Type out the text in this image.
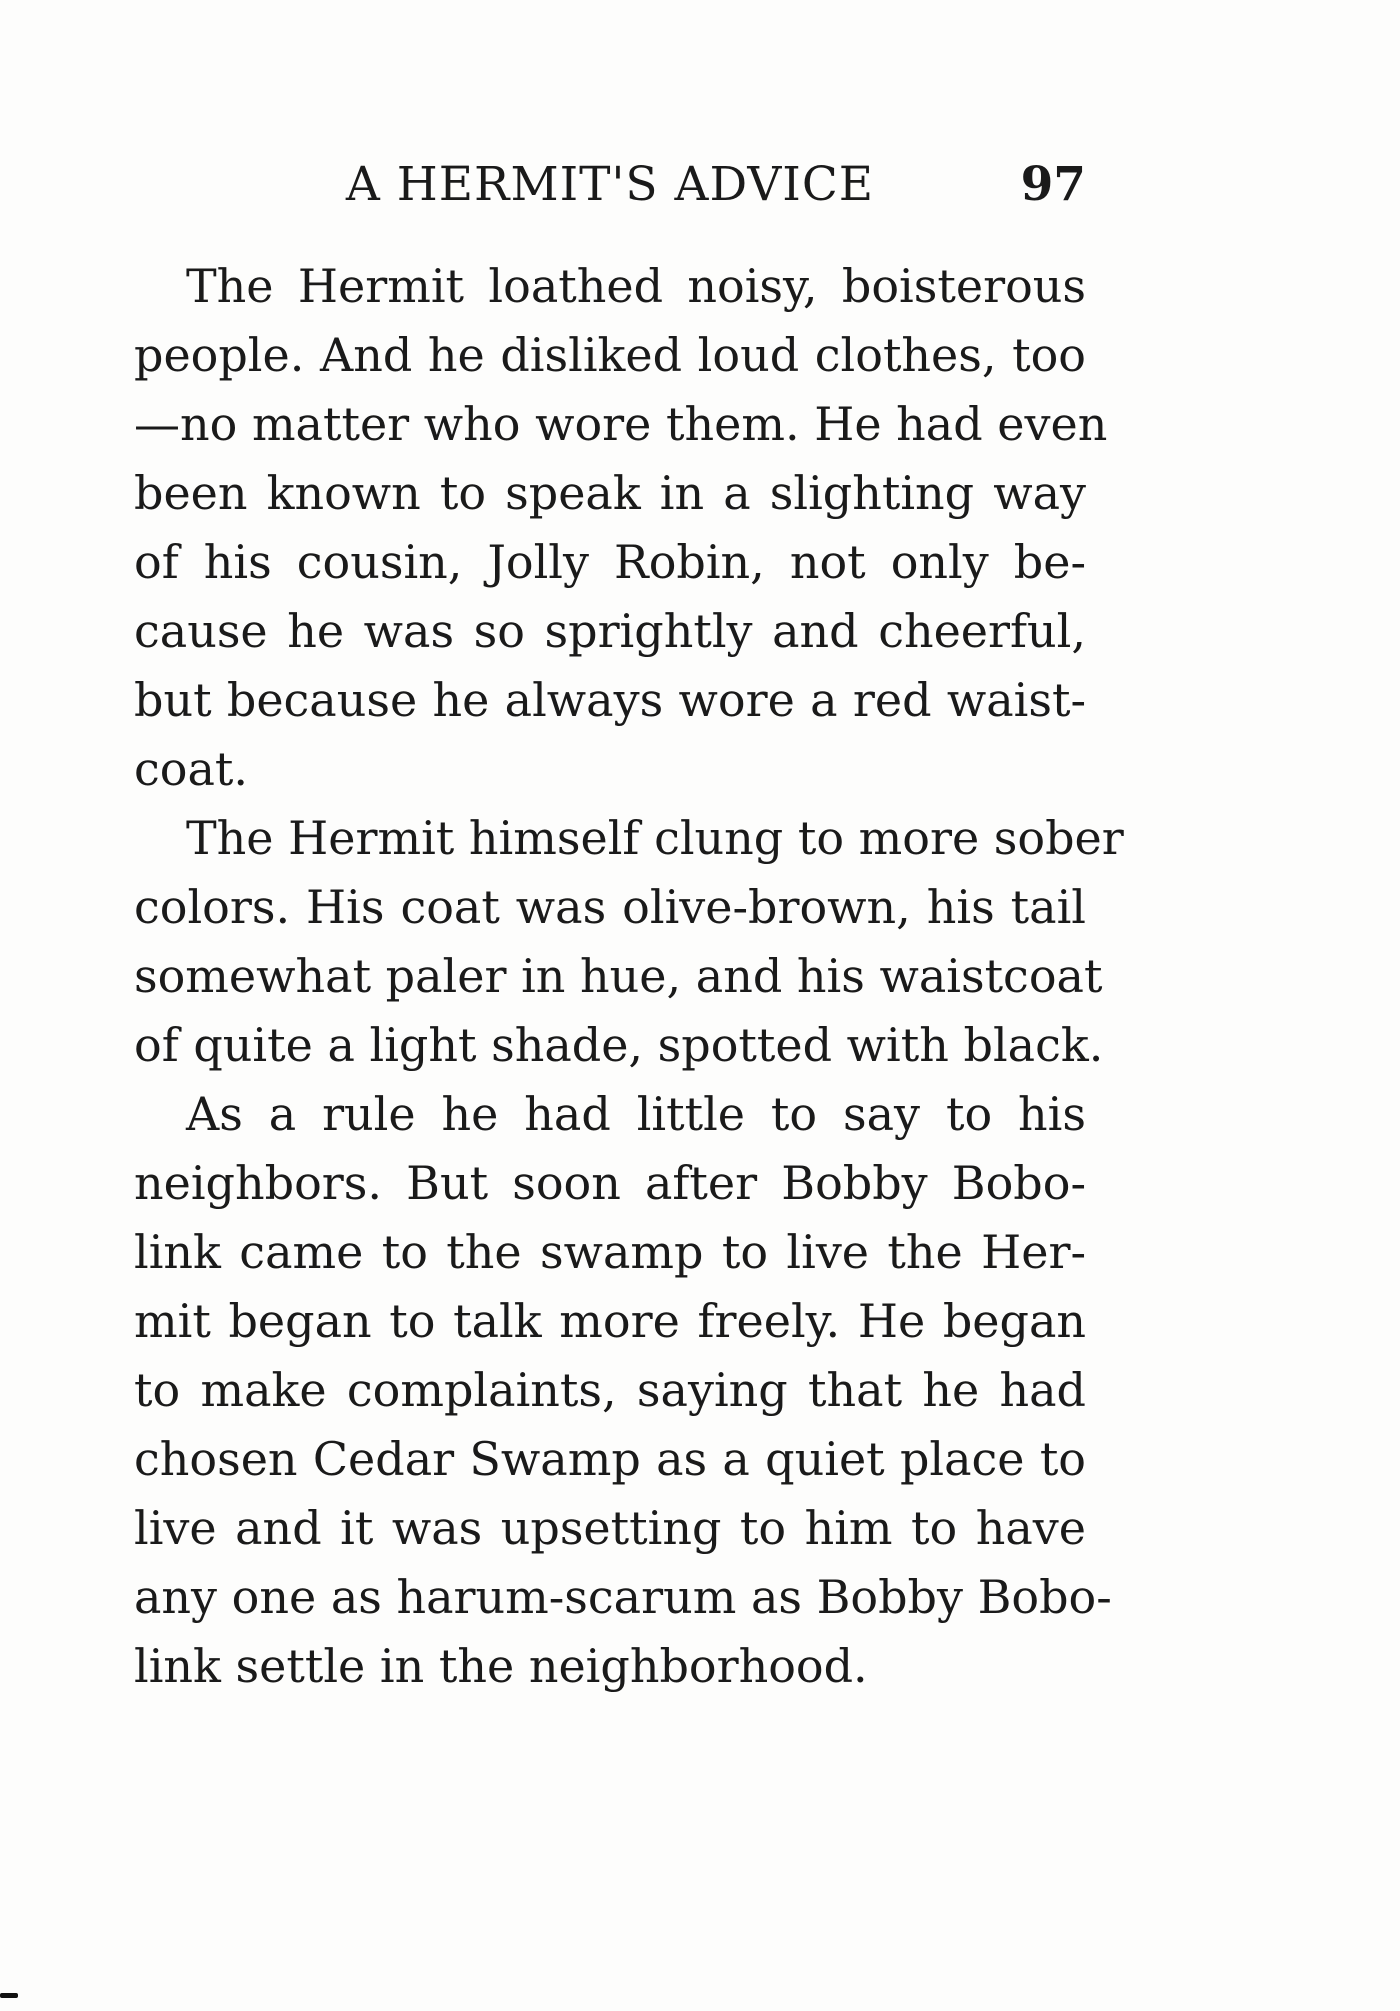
A HERMIT'S ADVICE	97
The Hermit loathed noisy, boisterous
people. And he disliked loud clothes, too
—no matter who wore them. He had even
been known to speak in a slighting way
of his cousin, Jolly Robin, not only be-
cause he was so sprightly and cheerful,
but because he always wore a red waist-
coat.
The Hermit himself clung to more sober
colors. His coat was olive-brown, his tail
somewhat paler in hue, and his waistcoat
of quite a light shade, spotted with black.
As a rule he had little to say to his
neighbors. But soon after Bobby Bobo-
link came to the swamp to live the Her-
mit began to talk more freely. He began
to make complaints, saying that he had
chosen Cedar Swamp as a quiet place to
live and it was upsetting to him to have
any one as harum-scarum as Bobby Bobo-
link settle in the neighborhood.
